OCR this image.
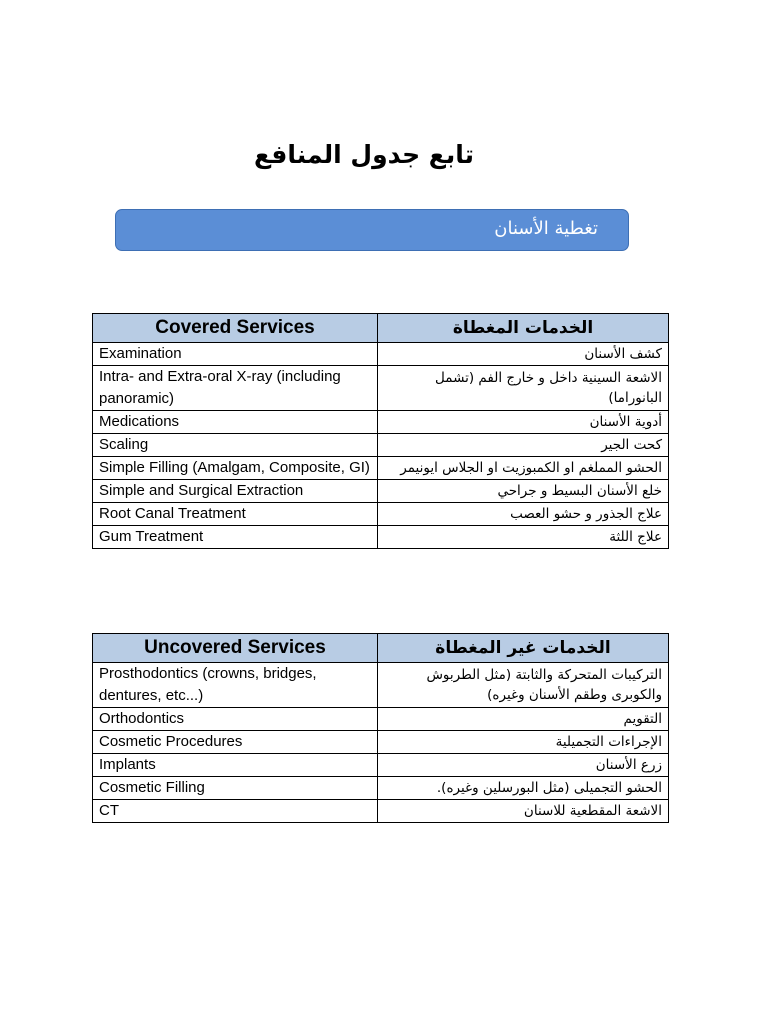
تابع جدول المنافع
تغطية الأسنان
Covered Services	الخدمات المغطاة
Examination	كشف الأسنان
Intra- and Extra-oral X-ray (including panoramic)	الاشعة السينية داخل و خارج الفم (تشمل البانوراما)
Medications	أدوية الأسنان
Scaling	كحت الجير
Simple Filling (Amalgam, Composite, GI)	الحشو المملغم او الكمبوزيت او الجلاس ايونيمر
Simple and Surgical Extraction	خلع الأسنان البسيط و جراحي
Root Canal Treatment	علاج الجذور و حشو العصب
Gum Treatment	علاج اللثة
Uncovered Services	الخدمات غير المغطاة
Prosthodontics (crowns, bridges, dentures, etc...)	التركيبات المتحركة والثابتة (مثل الطربوش والكوبرى وطقم الأسنان وغيره)
Orthodontics	التقويم
Cosmetic Procedures	الإجراءات التجميلية
Implants	زرع الأسنان
Cosmetic Filling	الحشو التجميلى (مثل البورسلين وغيره).
CT	الاشعة المقطعية للاسنان
